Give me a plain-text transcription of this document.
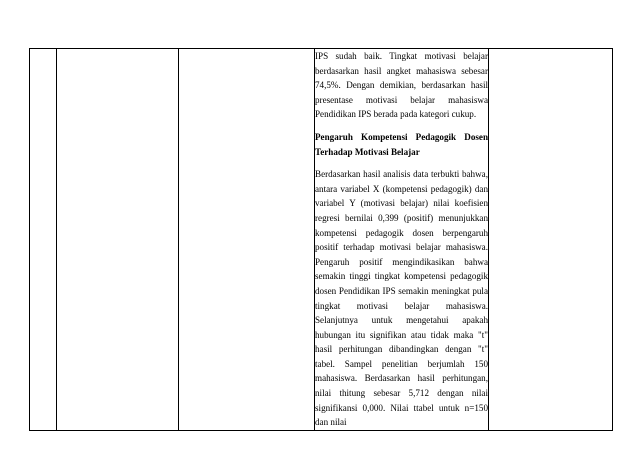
IPS sudah baik. Tingkat motivasi belajar berdasarkan hasil angket mahasiswa sebesar 74,5%. Dengan demikian, berdasarkan hasil presentase motivasi belajar mahasiswa Pendidikan IPS berada pada kategori cukup.

Pengaruh Kompetensi Pedagogik Dosen Terhadap Motivasi Belajar

Berdasarkan hasil analisis data terbukti bahwa, antara variabel X (kompetensi pedagogik) dan variabel Y (motivasi belajar) nilai koefisien regresi bernilai 0,399 (positif) menunjukkan kompetensi pedagogik dosen berpengaruh positif terhadap motivasi belajar mahasiswa. Pengaruh positif mengindikasikan bahwa semakin tinggi tingkat kompetensi pedagogik dosen Pendidikan IPS semakin meningkat pula tingkat motivasi belajar mahasiswa. Selanjutnya untuk mengetahui apakah hubungan itu signifikan atau tidak maka "t" hasil perhitungan dibandingkan dengan "t" tabel. Sampel penelitian berjumlah 150 mahasiswa. Berdasarkan hasil perhitungan, nilai thitung sebesar 5,712 dengan nilai signifikansi 0,000. Nilai ttabel untuk n=150 dan nilai
